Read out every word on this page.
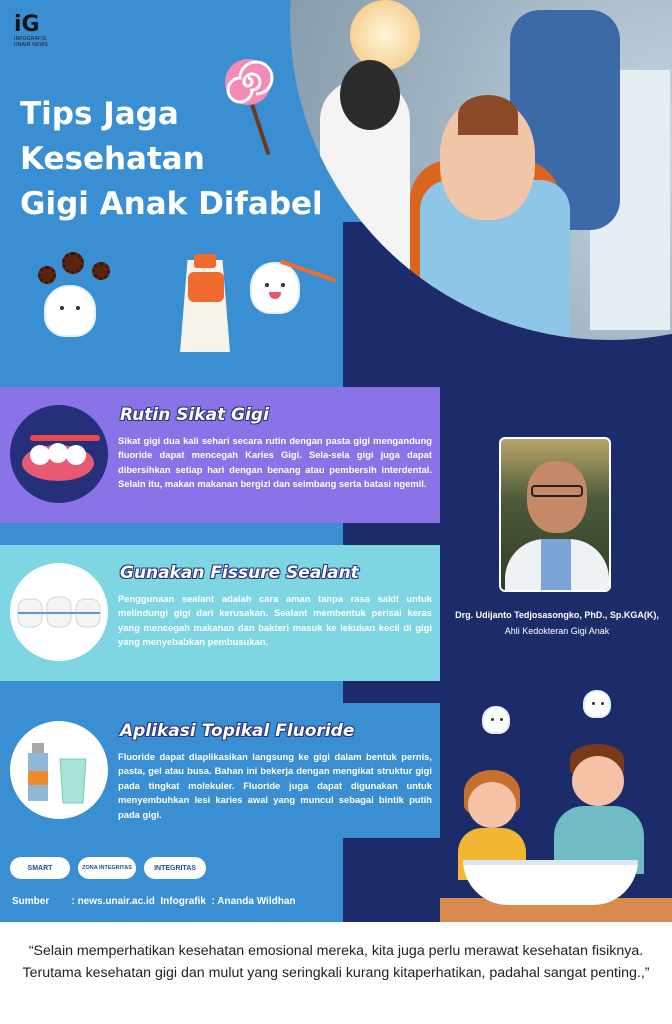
iG
INFOGRAFIS
UNAIR NEWS
Tips Jaga
Kesehatan
Gigi Anak Difabel
Rutin Sikat Gigi

Sikat gigi dua kali sehari secara rutin dengan pasta gigi mengandung fluoride dapat mencegah Karies Gigi. Sela-sela gigi juga dapat dibersihkan setiap hari dengan benang atau pembersih interdental. Selain itu, makan makanan bergizi dan seimbang serta batasi ngemil.

Gunakan Fissure Sealant

Penggunaan sealant adalah cara aman tanpa rasa sakit untuk melindungi gigi dari kerusakan. Sealant membentuk perisai keras yang mencegah makanan dan bakteri masuk ke lekukan kecil di gigi yang menyebabkan pembusukan.

Aplikasi Topikal Fluoride

Fluoride dapat diaplikasikan langsung ke gigi dalam bentuk pernis, pasta, gel atau busa. Bahan ini bekerja dengan mengikat struktur gigi pada tingkat molekuler. Fluoride juga dapat digunakan untuk menyembuhkan lesi karies awal yang muncul sebagai bintik putih pada gigi.

Drg. Udijanto Tedjosasongko, PhD., Sp.KGA(K),
Ahli Kedokteran Gigi Anak
SMART	ZONA INTEGRITAS	INTEGRITAS
Sumber : news.unair.ac.id Infografik : Ananda Wildhan
“Selain memperhatikan kesehatan emosional mereka, kita juga perlu merawat kesehatan fisiknya. Terutama kesehatan gigi dan mulut yang seringkali kurang kitaperhatikan, padahal sangat penting.,”
